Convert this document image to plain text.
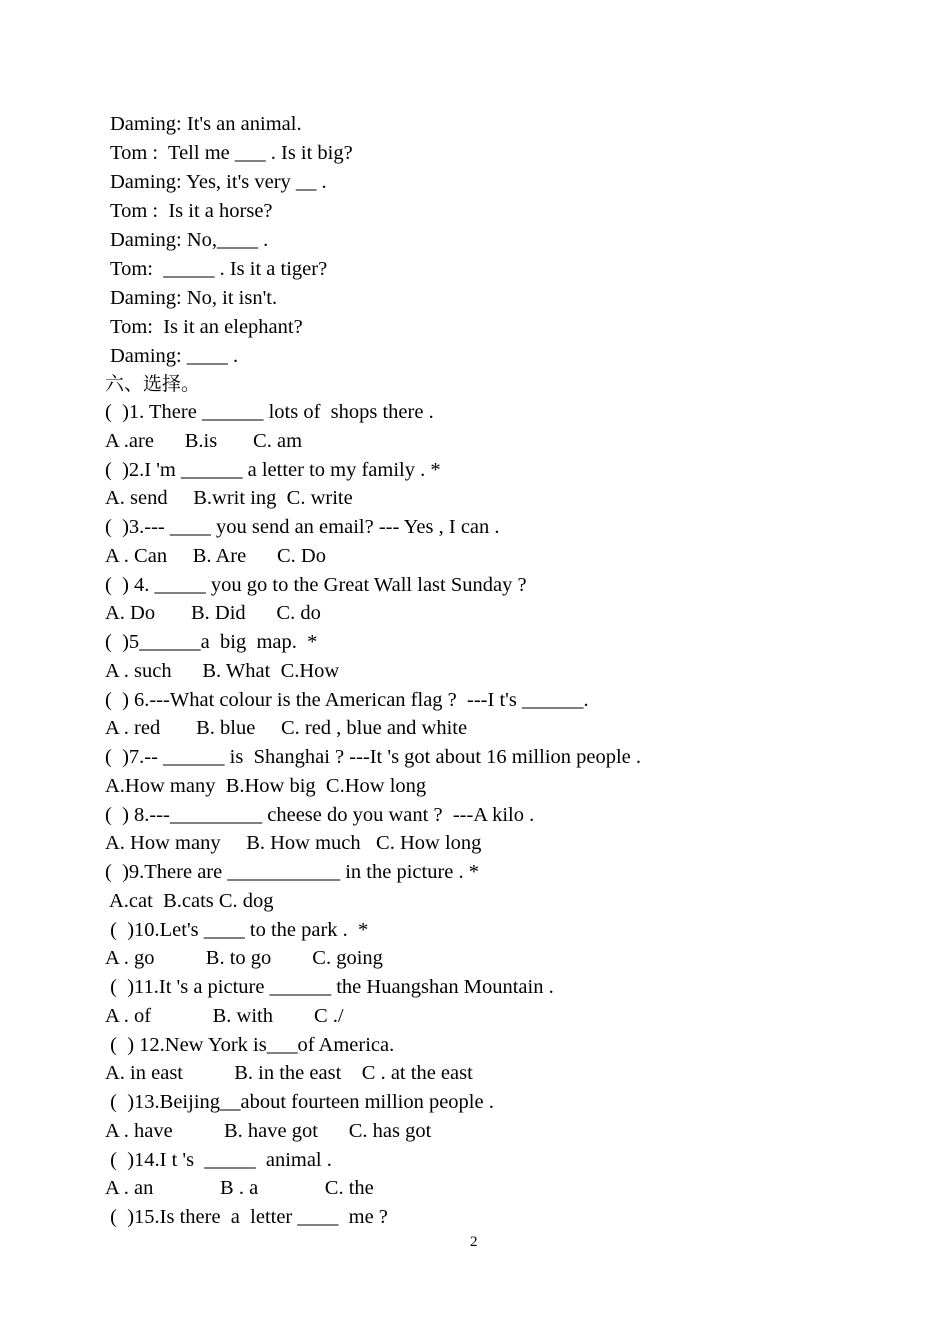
Daming: It's an animal.
Tom :  Tell me ___ . Is it big?
Daming: Yes, it's very __ .
Tom :  Is it a horse?
Daming: No,____ .
Tom:  _____ . Is it a tiger?
Daming: No, it isn't.
Tom:  Is it an elephant?
Daming: ____ .
六、选择。
(  )1. There ______ lots of  shops there .
A .are      B.is       C. am
(  )2.I 'm ______ a letter to my family . *
A. send     B.writ ing  C. write
(  )3.--- ____ you send an email? --- Yes , I can .
A . Can     B. Are      C. Do
(  ) 4. _____ you go to the Great Wall last Sunday ?
A. Do       B. Did      C. do
(  )5______a  big  map.  *
A . such      B. What  C.How
(  ) 6.---What colour is the American flag ?  ---I t's ______.
A . red       B. blue     C. red , blue and white
(  )7.-- ______ is  Shanghai ? ---It 's got about 16 million people .
A.How many  B.How big  C.How long
(  ) 8.---_________ cheese do you want ?  ---A kilo .
A. How many     B. How much   C. How long
(  )9.There are ___________ in the picture . *
A.cat  B.cats C. dog
(  )10.Let's ____ to the park .  *
A . go          B. to go        C. going
(  )11.It 's a picture ______ the Huangshan Mountain .
A . of            B. with        C ./
(  ) 12.New York is___of America.
A. in east          B. in the east    C . at the east
(  )13.Beijing__about fourteen million people .
A . have          B. have got      C. has got
(  )14.I t 's  _____  animal .
A . an             B . a             C. the
(  )15.Is there  a  letter ____  me ?
2
